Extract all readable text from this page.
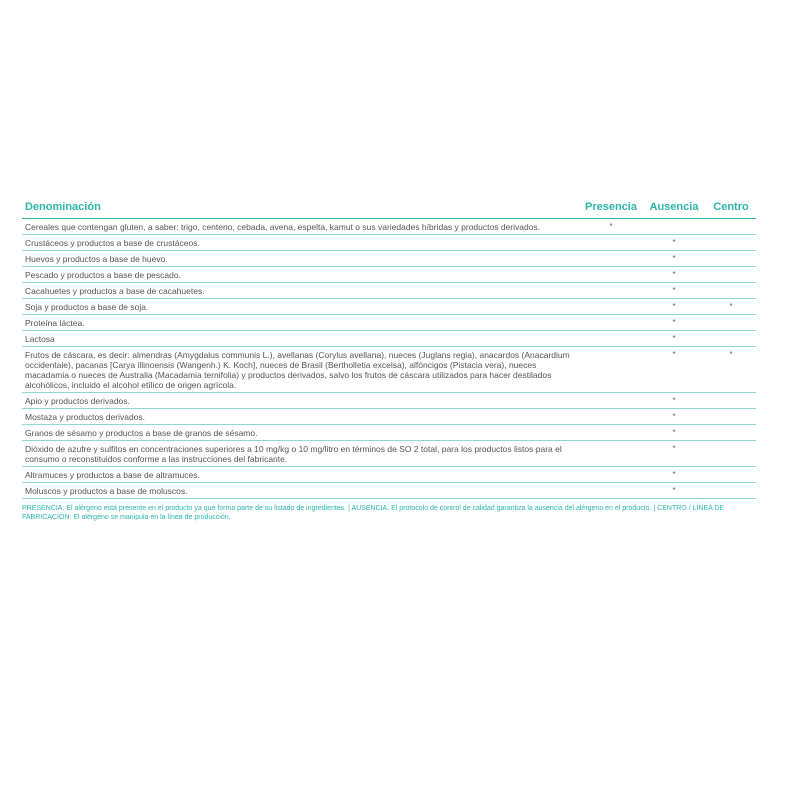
Denominación	Presencia	Ausencia	Centro
Cereales que contengan gluten, a saber: trigo, centeno, cebada, avena, espelta, kamut o sus variedades híbridas y productos derivados.	*		
Crustáceos y productos a base de crustáceos.		*	
Huevos y productos a base de huevo.		*	
Pescado y productos a base de pescado.		*	
Cacahuetes y productos a base de cacahuetes.		*	
Soja y productos a base de soja.		*	*
Proteína láctea.		*	
Lactosa		*	
Frutos de cáscara, es decir: almendras (Amygdalus communis L.), avellanas (Corylus avellana), nueces (Juglans regia), anacardos (Anacardium occidentale), pacanas [Carya illinoensis (Wangenh.) K. Koch], nueces de Brasil (Bertholletia excelsa), alfóncigos (Pistacia vera), nueces macadamia o nueces de Australia (Macadamia ternifolia) y productos derivados, salvo los frutos de cáscara utilizados para hacer destilados alcohólicos, incluido el alcohol etílico de origen agrícola.		*	*
Apio y productos derivados.		*	
Mostaza y productos derivados.		*	
Granos de sésamo y productos a base de granos de sésamo.		*	
Dióxido de azufre y sulfitos en concentraciones superiores a 10 mg/kg o 10 mg/litro en términos de SO 2 total, para los productos listos para el consumo o reconstituidos conforme a las instrucciones del fabricante.		*	
Altramuces y productos a base de altramuces.		*	
Moluscos y productos a base de moluscos.		*	
PRESENCIA: El alérgeno está presente en el producto ya que forma parte de su listado de ingredientes. | AUSENCIA: El protocolo de control de calidad garantiza la ausencia del alérgeno en el producto. | CENTRO / LÍNEA DE FABRICACIÓN: El alérgeno se manipula en la línea de producción.
